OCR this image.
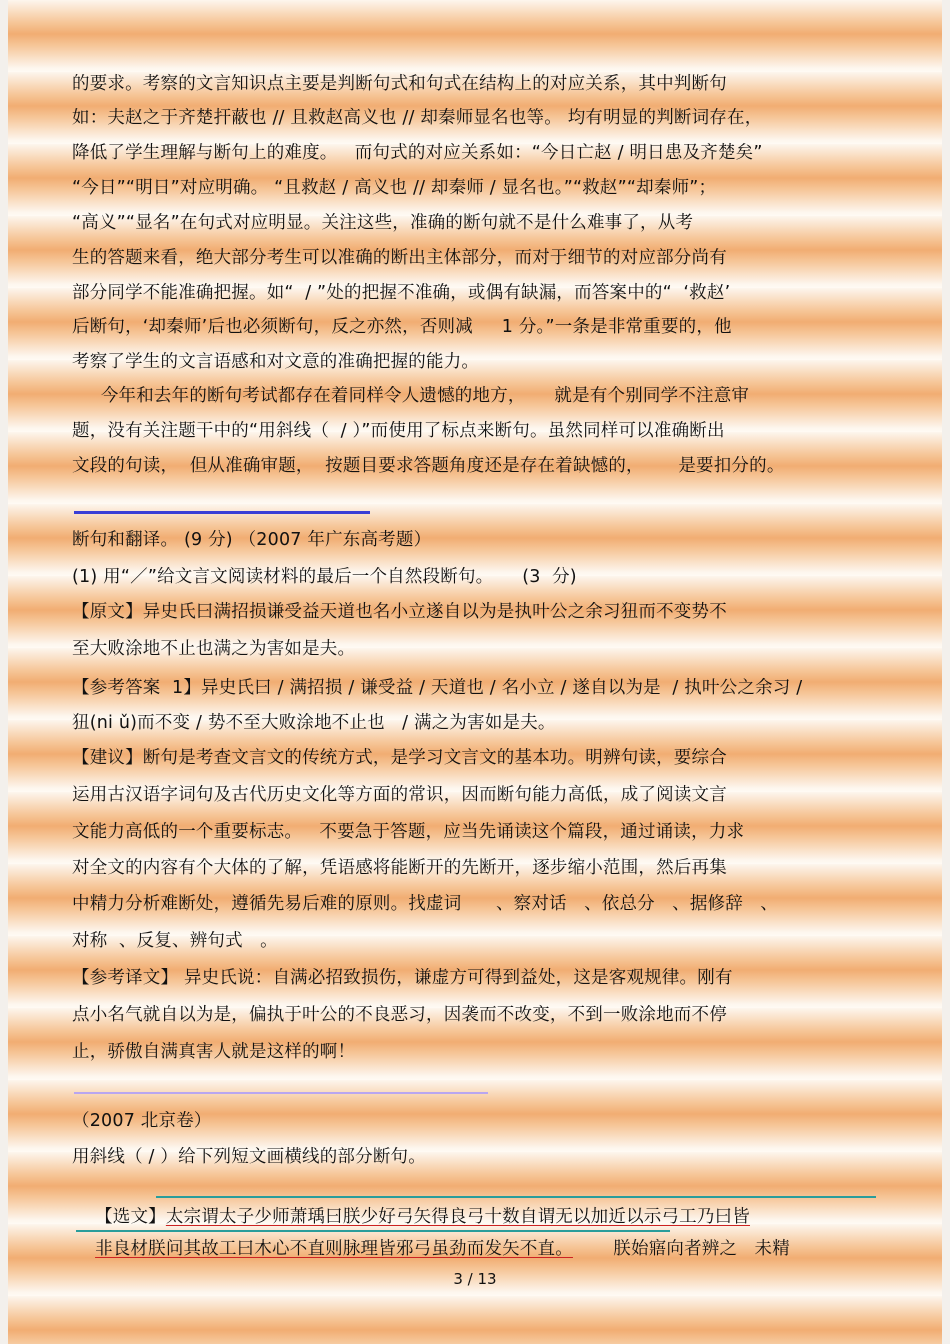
的要求。考察的文言知识点主要是判断句式和句式在结构上的对应关系，其中判断句
如：夫赵之于齐楚扞蔽也 // 且救赵高义也 // 却秦师显名也等。 均有明显的判断词存在，
降低了学生理解与断句上的难度。   而句式的对应关系如：“今日亡赵 / 明日患及齐楚矣”
“今日”“明日”对应明确。 “且救赵 / 高义也 // 却秦师 / 显名也。”“救赵”“却秦师”；
“高义”“显名”在句式对应明显。关注这些，准确的断句就不是什么难事了，从考
生的答题来看，绝大部分考生可以准确的断出主体部分，而对于细节的对应部分尚有
部分同学不能准确把握。如“  / ”处的把握不准确，或偶有缺漏，而答案中的“  ‘救赵’
后断句，‘却秦师’后也必须断句，反之亦然，否则减     1 分。”一条是非常重要的，他
考察了学生的文言语感和对文意的准确把握的能力。
今年和去年的断句考试都存在着同样令人遗憾的地方，     就是有个别同学不注意审
题，没有关注题干中的“用斜线（  / ）”而使用了标点来断句。虽然同样可以准确断出
文段的句读，  但从准确审题，  按题目要求答题角度还是存在着缺憾的，      是要扣分的。
断句和翻译。 (9 分) （2007 年广东高考题）
(1) 用“／”给文言文阅读材料的最后一个自然段断句。     (3  分)
【原文】异史氏曰满招损谦受益天道也名小立遂自以为是执叶公之余习狃而不变势不
至大败涂地不止也满之为害如是夫。
【参考答案  1】异史氏曰 / 满招损 / 谦受益 / 天道也 / 名小立 / 遂自以为是  / 执叶公之余习 /
狃(ni ǔ)而不变 / 势不至大败涂地不止也   / 满之为害如是夫。
【建议】断句是考查文言文的传统方式，是学习文言文的基本功。明辨句读，要综合
运用古汉语字词句及古代历史文化等方面的常识，因而断句能力高低，成了阅读文言
文能力高低的一个重要标志。   不要急于答题，应当先诵读这个篇段，通过诵读，力求
对全文的内容有个大体的了解，凭语感将能断开的先断开，逐步缩小范围，然后再集
中精力分析难断处，遵循先易后难的原则。找虚词      、察对话   、依总分   、据修辞   、
对称  、反复、辨句式   。
【参考译文】 异史氏说：自满必招致损伤，谦虚方可得到益处，这是客观规律。刚有
点小名气就自以为是，偏执于叶公的不良恶习，因袭而不改变，不到一败涂地而不停
止，骄傲自满真害人就是这样的啊！
（2007 北京卷）
用斜线（ / ）给下列短文画横线的部分断句。

【选文】太宗谓太子少师萧瑀曰朕少好弓矢得良弓十数自谓无以加近以示弓工乃曰皆

非良材朕问其故工曰木心不直则脉理皆邪弓虽劲而发矢不直。       朕始寤向者辨之   未精

3 / 13
